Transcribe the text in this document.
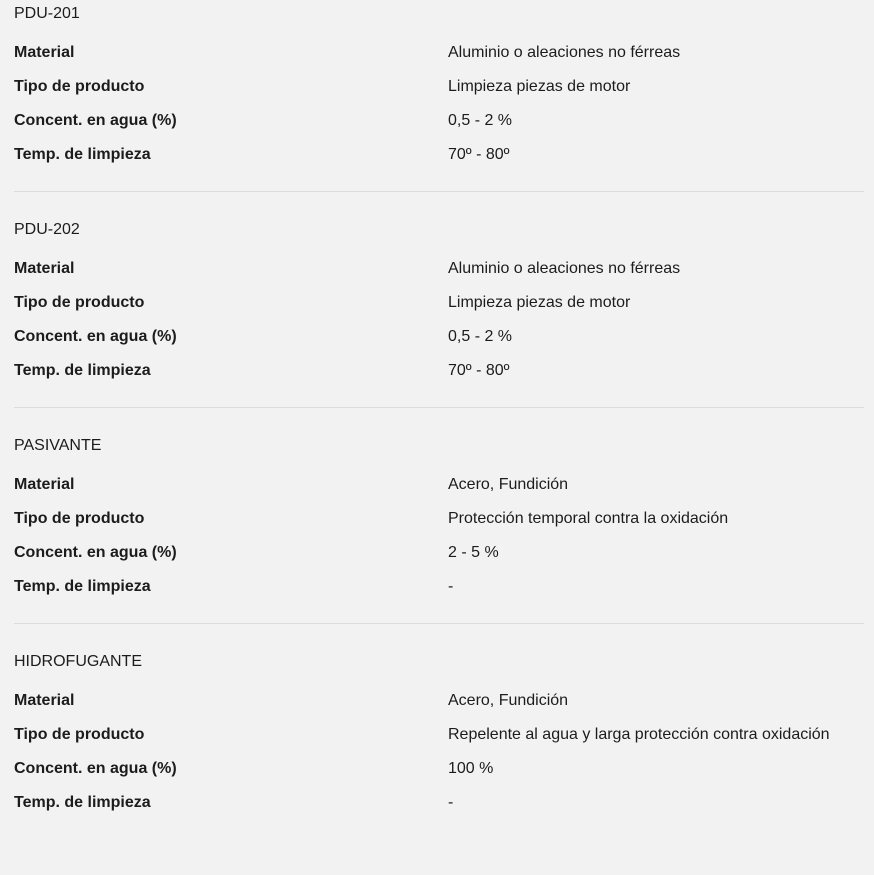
PDU-201
Material	Aluminio o aleaciones no férreas
Tipo de producto	Limpieza piezas de motor
Concent. en agua (%)	0,5 - 2 %
Temp. de limpieza	70º - 80º
PDU-202
Material	Aluminio o aleaciones no férreas
Tipo de producto	Limpieza piezas de motor
Concent. en agua (%)	0,5 - 2 %
Temp. de limpieza	70º - 80º
PASIVANTE
Material	Acero, Fundición
Tipo de producto	Protección temporal contra la oxidación
Concent. en agua (%)	2 - 5 %
Temp. de limpieza	-
HIDROFUGANTE
Material	Acero, Fundición
Tipo de producto	Repelente al agua y larga protección contra oxidación
Concent. en agua (%)	100 %
Temp. de limpieza	-
